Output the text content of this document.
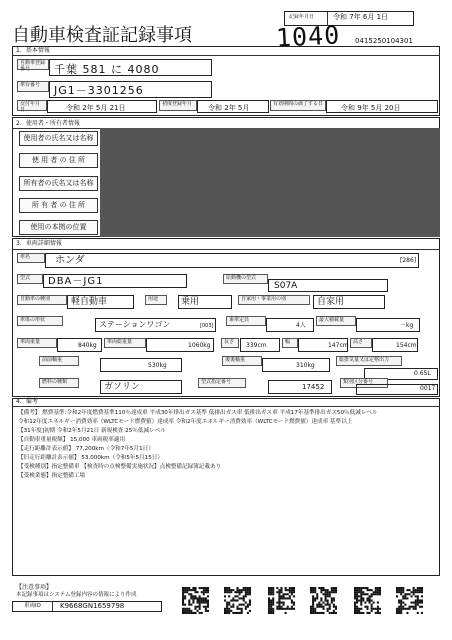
自動車検査証記録事項
記録年月日	令和 7年 6月 1日
1040 0415250104301
1．基本情報
自動車登録番号	千葉 581 に 4080
車台番号	JG1－3301256
交付年月日	令和 2年 5月 21日	初度登録年月	令和 2年 5月	有効期間の満了する日	令和 9年 5月 20日
2．使用者・所有者情報
使用者の氏名又は名称
使 用 者 の 住 所
所有者の氏名又は名称
所 有 者 の 住 所
使用の本拠の位置
3．車両詳細情報
車名	ホンダ	[286]
型式	DBA－JG1	原動機の型式
S07A
自動車の種別	軽自動車	用途	乗用	自家用・事業用の別	自家用
車体の形状	ステーションワゴン	[003]
乗車定員
4人
最大積載量
－kg
車両重量	840kg	車両総重量	1060kg	長さ	339cm	幅	147cm 高さ	154cm
前前軸重
530kg
後後軸重
310kg
総排気量又は定格出力
0.65L
燃料の種類	ガソリン	型式指定番号
17452
類別区分番号
0017
4．備考
【備考】 燃費基準:令和2年度燃費基準110％達成車 平成30年排出ガス基準 低排出ガス車 低排出ガス車 平成17年基準排出ガス50％低減レベル
令和12年度エネルギー消費効率（WLTCモード燃費値）達成率 令和2年度エネルギー消費効率（WLTCモード燃費値）達成率 基準以上
【31年度]初期 令和2年5月21日 新規検査 25％低減レベル
【自動車重量税額】 15,000 車両税率適用
【走行距離計表示値】 77,200km（令和7年5月1日）
【旧走行距離計表示値】 53,000km（令和5年5月15日）
【受検種別】指定整備車 【検査時の点検整備実施状況】点検整備記録簿記載あり
【受検業態】指定整備工場
【注意事項】
本記録事項はシステム登録内容の情報により作成
車両ID	K9668GN1659798
